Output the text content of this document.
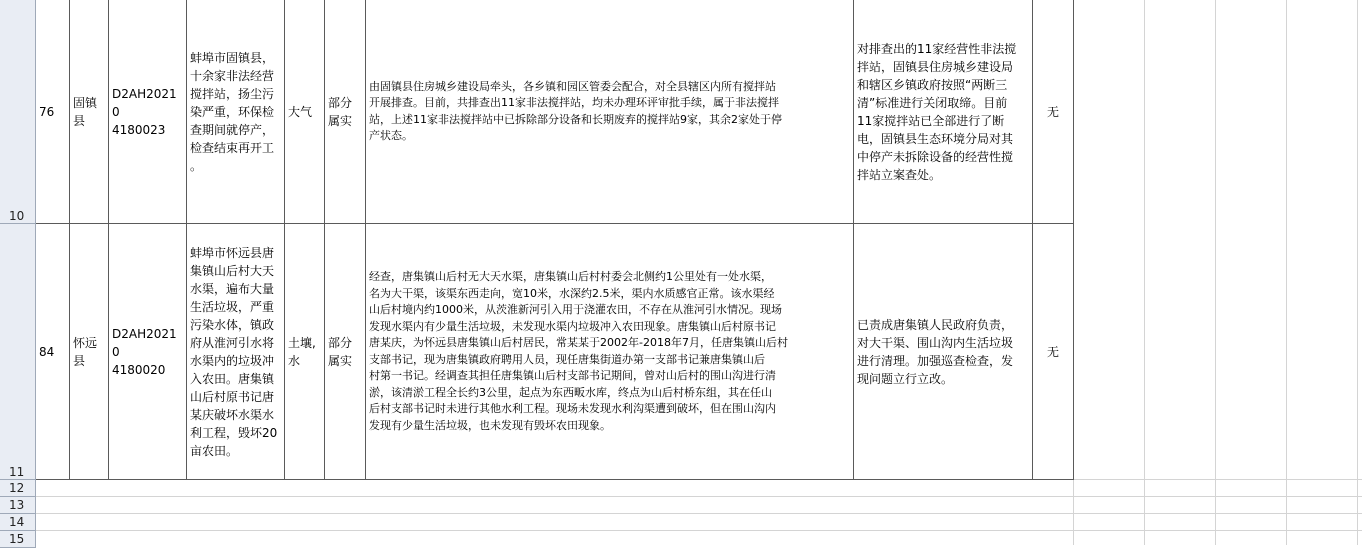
10
11
12
13
14
15
76
固镇
县
D2AH20210
4180023
蚌埠市固镇县，
十余家非法经营
搅拌站，扬尘污
染严重，环保检
查期间就停产，
检查结束再开工
。
大气
部分
属实
由固镇县住房城乡建设局牵头，各乡镇和园区管委会配合，对全县辖区内所有搅拌站
开展排查。目前，共排查出11家非法搅拌站，均未办理环评审批手续，属于非法搅拌
站，上述11家非法搅拌站中已拆除部分设备和长期废弃的搅拌站9家，其余2家处于停
产状态。
对排查出的11家经营性非法搅
拌站，固镇县住房城乡建设局
和辖区乡镇政府按照“两断三
清”标准进行关闭取缔。目前
11家搅拌站已全部进行了断
电，固镇县生态环境分局对其
中停产未拆除设备的经营性搅
拌站立案查处。
无
84
怀远
县
D2AH20210
4180020
蚌埠市怀远县唐
集镇山后村大天
水渠，遍布大量
生活垃圾，严重
污染水体，镇政
府从淮河引水将
水渠内的垃圾冲
入农田。唐集镇
山后村原书记唐
某庆破坏水渠水
利工程，毁坏20
亩农田。
土壤,
水
部分
属实
经查，唐集镇山后村无大天水渠，唐集镇山后村村委会北侧约1公里处有一处水渠，
名为大干渠，该渠东西走向，宽10米，水深约2.5米，渠内水质感官正常。该水渠经
山后村境内约1000米，从茨淮新河引入用于浇灌农田，不存在从淮河引水情况。现场
发现水渠内有少量生活垃圾，未发现水渠内垃圾冲入农田现象。唐集镇山后村原书记
唐某庆，为怀远县唐集镇山后村居民，常某某于2002年-2018年7月，任唐集镇山后村
支部书记，现为唐集镇政府聘用人员，现任唐集街道办第一支部书记兼唐集镇山后
村第一书记。经调查其担任唐集镇山后村支部书记期间，曾对山后村的围山沟进行清
淤，该清淤工程全长约3公里，起点为东西畈水库，终点为山后村桥东组，其在任山
后村支部书记时未进行其他水利工程。现场未发现水利沟渠遭到破坏，但在围山沟内
发现有少量生活垃圾，也未发现有毁坏农田现象。
已责成唐集镇人民政府负责，
对大干渠、围山沟内生活垃圾
进行清理。加强巡查检查，发
现问题立行立改。
无
